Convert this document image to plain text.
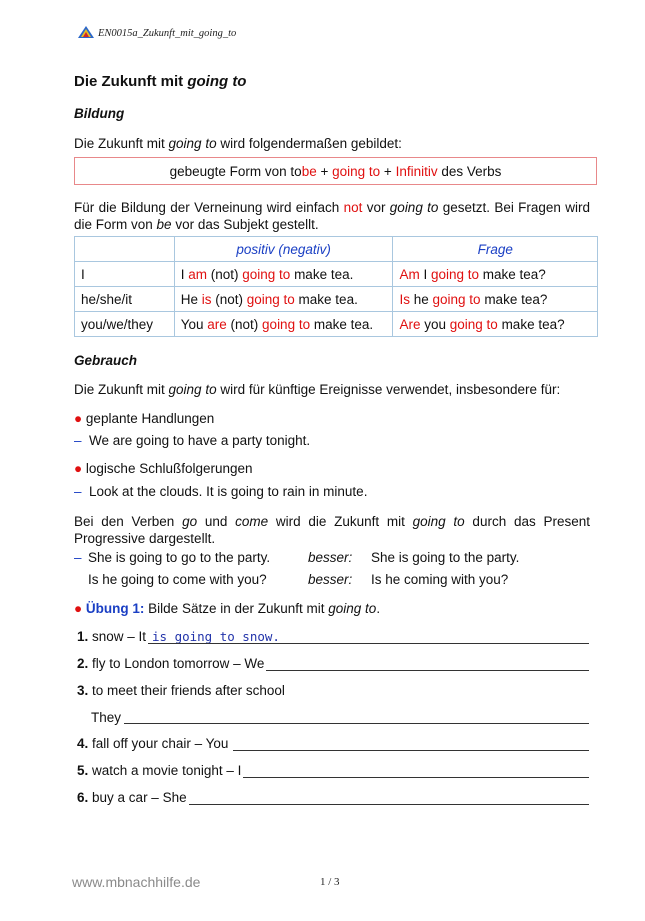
EN0015a_Zukunft_mit_going_to
Die Zukunft mit going to
Bildung
Die Zukunft mit going to wird folgendermaßen gebildet:
gebeugte Form von to be + going to + Infinitiv des Verbs
Für die Bildung der Verneinung wird einfach not vor going to gesetzt. Bei Fragen wird die Form von be vor das Subjekt gestellt.
	positiv (negativ)	Frage
I	I am (not) going to make tea.	Am I going to make tea?
he/she/it	He is (not) going to make tea.	Is he going to make tea?
you/we/they	You are (not) going to make tea.	Are you going to make tea?
Gebrauch
Die Zukunft mit going to wird für künftige Ereignisse verwendet, insbesondere für:
● geplante Handlungen
– We are going to have a party tonight.
● logische Schlußfolgerungen
– Look at the clouds. It is going to rain in minute.
Bei den Verben go und come wird die Zukunft mit going to durch das Present Progressive dargestellt.
– She is going to go to the party.	besser: She is going to the party.
Is he going to come with you?	besser: Is he coming with you?
● Übung 1: Bilde Sätze in der Zukunft mit going to.
1. snow – It is going to snow.
2. fly to London tomorrow – We
3. to meet their friends after school
They
4. fall off your chair – You
5. watch a movie tonight – I
6. buy a car – She
www.mbnachhilfe.de	1 / 3
